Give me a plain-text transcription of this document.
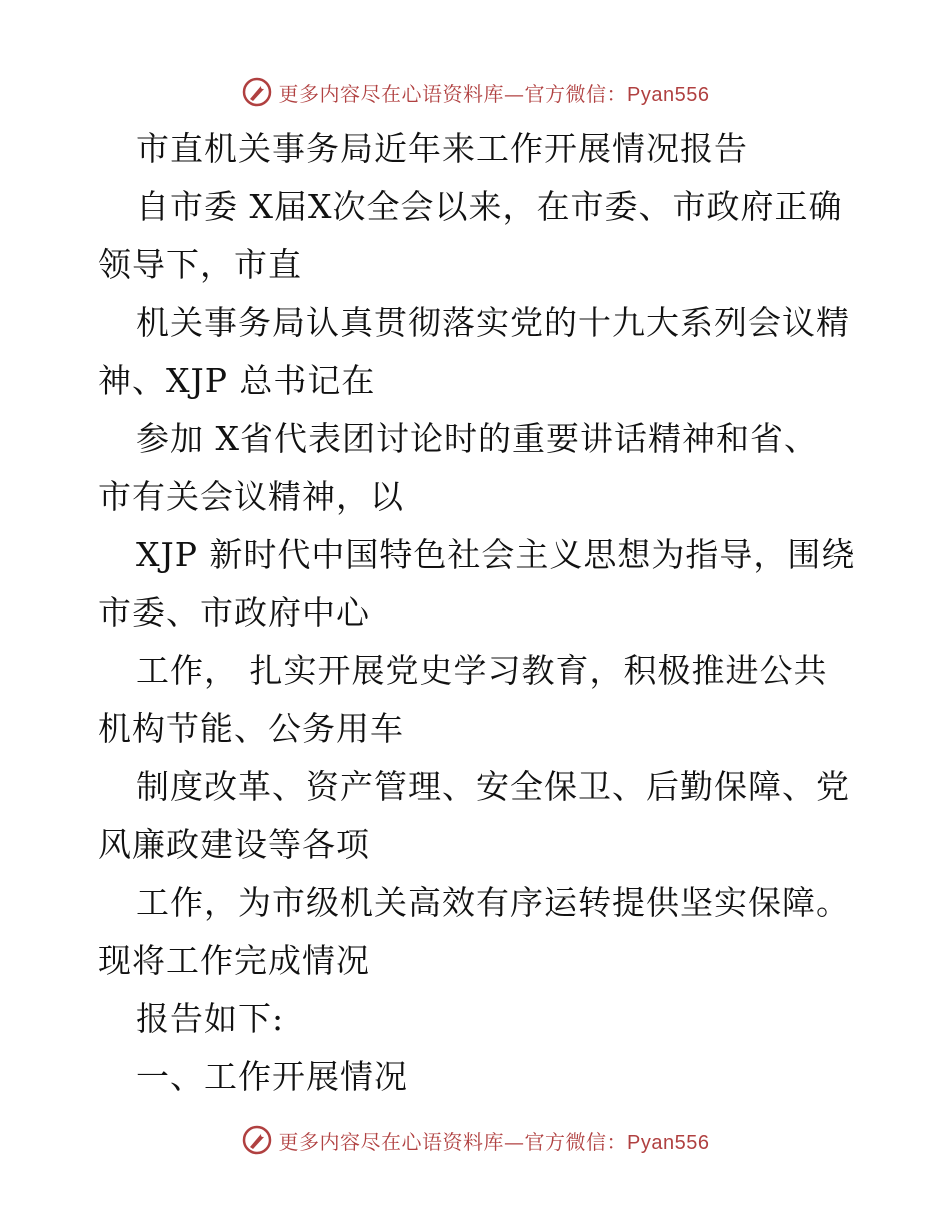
更多内容尽在心语资料库—官方微信：Pyan556
市直机关事务局近年来工作开展情况报告
自市委 X届X次全会以来，在市委、市政府正确
领导下，市直
机关事务局认真贯彻落实党的十九大系列会议精
神、XJP 总书记在
参加 X省代表团讨论时的重要讲话精神和省、
市有关会议精神，以
XJP 新时代中国特色社会主义思想为指导，围绕
市委、市政府中心
工作， 扎实开展党史学习教育，积极推进公共
机构节能、公务用车
制度改革、资产管理、安全保卫、后勤保障、党
风廉政建设等各项
工作，为市级机关高效有序运转提供坚实保障。
现将工作完成情况
报告如下:
一、工作开展情况
更多内容尽在心语资料库—官方微信：Pyan556
